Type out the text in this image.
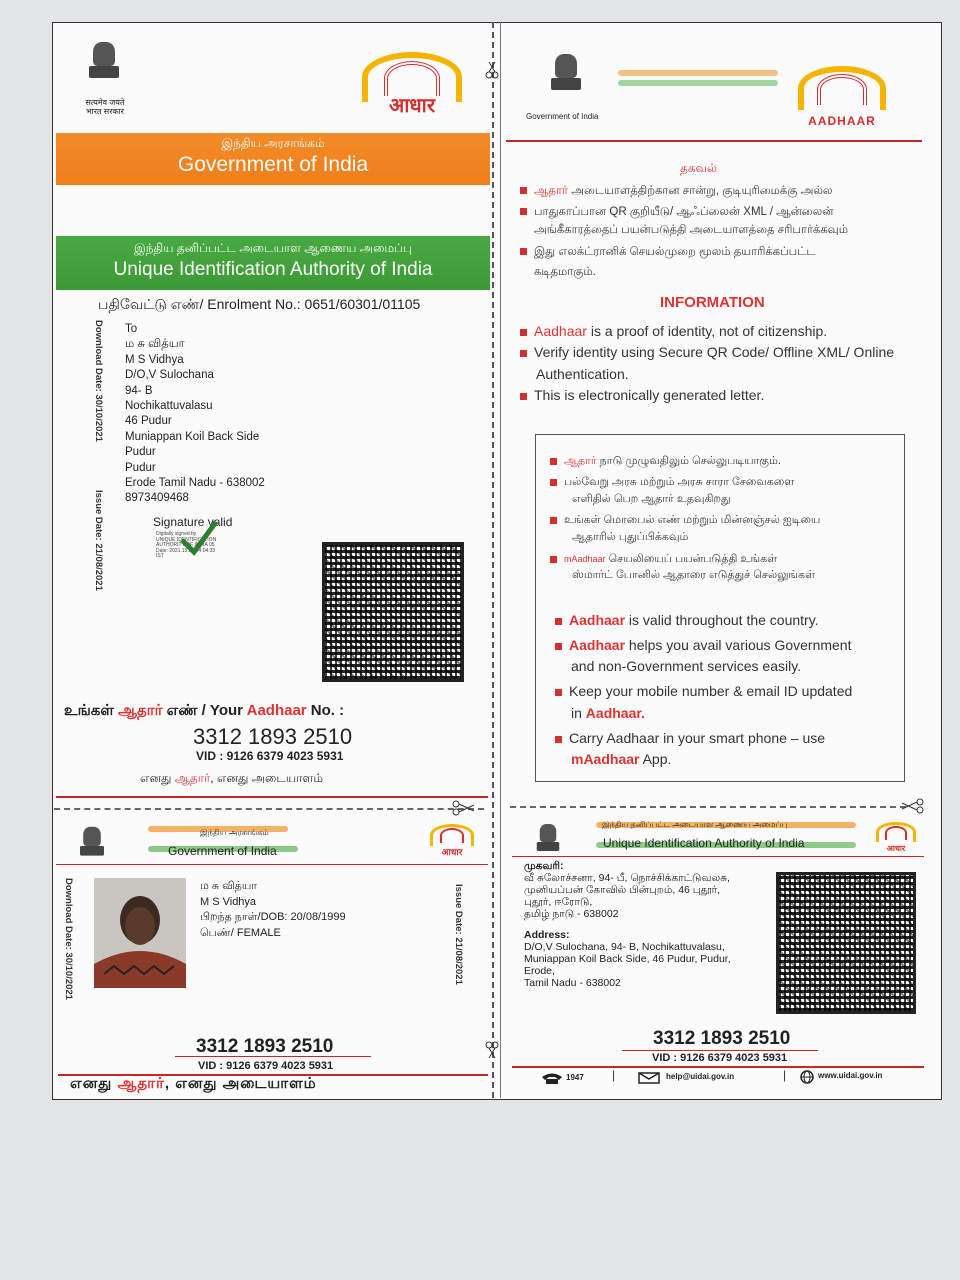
सत्यमेव जयते
भारत सरकार	आधार
இந்திய அரசாங்கம்
Government of India
இந்திய தனிப்பட்ட அடையாள ஆணைய அமைப்பு
Unique Identification Authority of India
பதிவேட்டு எண்/ Enrolment No.: 0651/60301/01105
Download Date: 30/10/2021
Issue Date: 21/08/2021
To
ம சு வித்யா
M S Vidhya
D/O,V Sulochana
94- B
Nochikattuvalasu
46 Pudur
Muniappan Koil Back Side
Pudur
Pudur
Erode Tamil Nadu - 638002
8973409468
Signature valid
Digitally signed by
UNIQUE IDENTIFICATION
AUTHORITY OF INDIA 05
Date: 2021.10.30 14:04:33
IST
உங்கள் ஆதார் எண் / Your Aadhaar No. :
3312 1893 2510
VID : 9126 6379 4023 5931
எனது ஆதார், எனது அடையாளம்
Government of India	AADHAAR
தகவல்
ஆதார் அடையாளத்திற்கான சான்று, குடியுரிமைக்கு அல்ல
பாதுகாப்பான QR குறியீடு/ ஆஃப்லைன் XML / ஆன்லைன்
அங்கீகாரத்தைப் பயன்படுத்தி அடையாளத்தை சரிபார்க்கவும்
இது எலக்ட்ரானிக் செயல்முறை மூலம் தயாரிக்கப்பட்ட
கடிதமாகும்.
INFORMATION
Aadhaar is a proof of identity, not of citizenship.
Verify identity using Secure QR Code/ Offline XML/ Online
Authentication.
This is electronically generated letter.
ஆதார் நாடு முழுவதிலும் செல்லுபடியாகும்.
பல்வேறு அரசு மற்றும் அரசு சாரா சேவைகளை
எளிதில் பெற ஆதார் உதவுகிறது
உங்கள் மொபைல் எண் மற்றும் மின்னஞ்சல் ஐடியை
ஆதாரில் புதுப்பிக்கவும்
mAadhaar செயலியைப் பயன்படுத்தி உங்கள்
ஸ்மார்ட் போனில் ஆதாரை எடுத்துச் செல்லுங்கள்
Aadhaar is valid throughout the country.
Aadhaar helps you avail various Government
and non-Government services easily.
Keep your mobile number & email ID updated
in Aadhaar.
Carry Aadhaar in your smart phone – use
mAadhaar App.
இந்திய அரசாங்கம்
Government of India	आधार
Download Date: 30/10/2021	Issue Date: 21/08/2021
ம சு வித்யா
M S Vidhya
பிறந்த நாள்/DOB: 20/08/1999
பெண்/ FEMALE
3312 1893 2510
VID : 9126 6379 4023 5931
எனது ஆதார், எனது அடையாளம்
இந்திய தனிப்பட்ட அடையாள ஆணைய அமைப்பு
Unique Identification Authority of India	आधार
முகவரி:
வீ சுலோச்சனா, 94- பீ, நொச்சிக்காட்டுவலசு,
முனியப்பன் கோவில் பின்புறம், 46 புதூர்,
புதூர், ஈரோடு,
தமிழ் நாடு - 638002
Address:
D/O,V Sulochana, 94- B, Nochikattuvalasu,
Muniappan Koil Back Side, 46 Pudur, Pudur,
Erode,
Tamil Nadu - 638002
3312 1893 2510
VID : 9126 6379 4023 5931
1947 |	help@uidai.gov.in	|	www.uidai.gov.in
